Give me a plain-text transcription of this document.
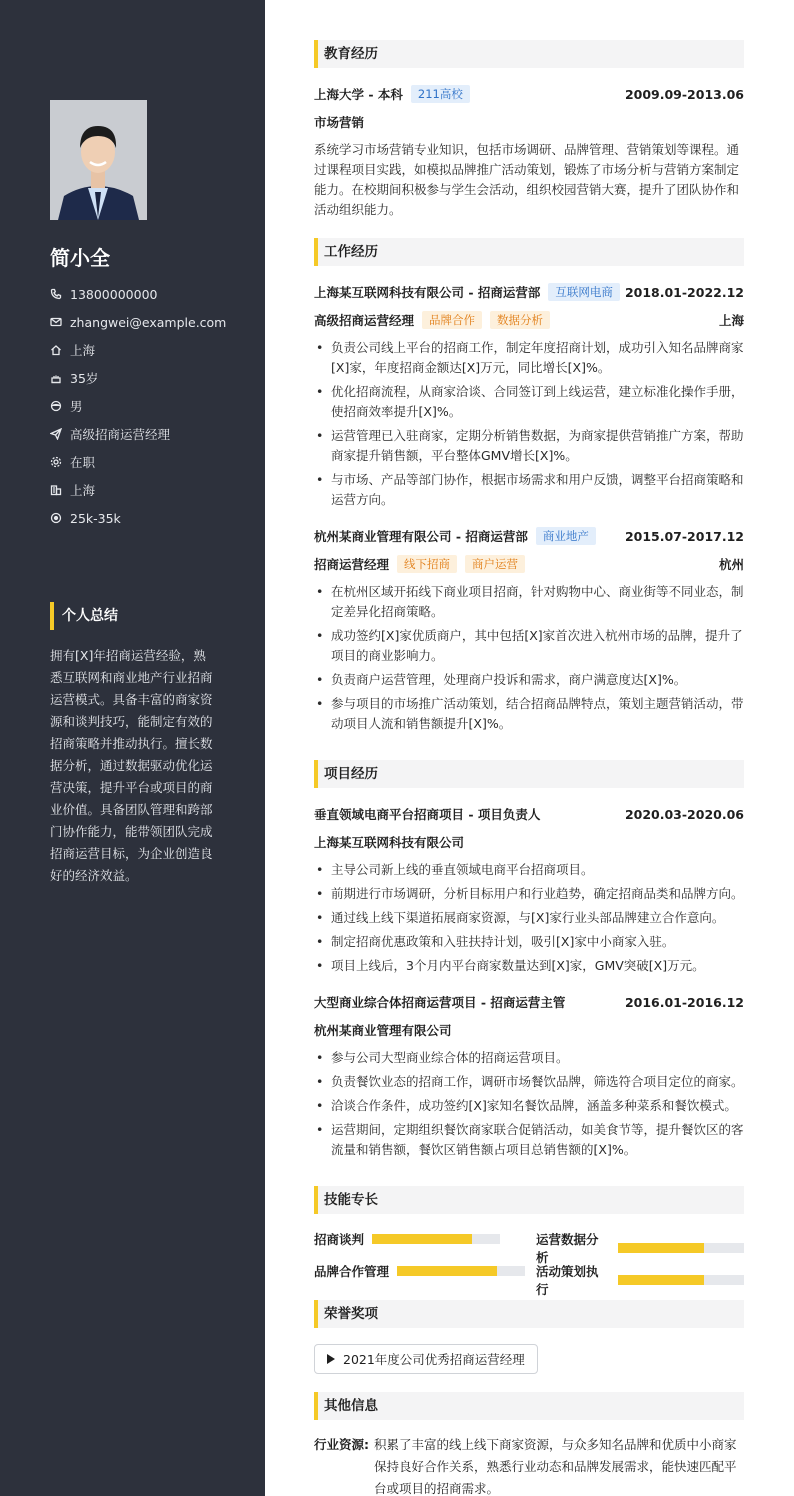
简小全
13800000000
zhangwei@example.com
上海
35岁
男
高级招商运营经理
在职
上海
25k-35k
个人总结
拥有[X]年招商运营经验，熟悉互联网和商业地产行业招商运营模式。具备丰富的商家资源和谈判技巧，能制定有效的招商策略并推动执行。擅长数据分析，通过数据驱动优化运营决策，提升平台或项目的商业价值。具备团队管理和跨部门协作能力，能带领团队完成招商运营目标，为企业创造良好的经济效益。
教育经历
上海大学 - 本科	211高校	2009.09-2013.06
市场营销
系统学习市场营销专业知识，包括市场调研、品牌管理、营销策划等课程。通过课程项目实践，如模拟品牌推广活动策划，锻炼了市场分析与营销方案制定能力。在校期间积极参与学生会活动，组织校园营销大赛，提升了团队协作和活动组织能力。
工作经历
上海某互联网科技有限公司 - 招商运营部	互联网电商 2018.01-2022.12
高级招商运营经理	品牌合作	数据分析	上海
• 负责公司线上平台的招商工作，制定年度招商计划，成功引入知名品牌商家[X]家，年度招商金额达[X]万元，同比增长[X]%。
• 优化招商流程，从商家洽谈、合同签订到上线运营，建立标准化操作手册，使招商效率提升[X]%。
• 运营管理已入驻商家，定期分析销售数据，为商家提供营销推广方案，帮助商家提升销售额，平台整体GMV增长[X]%。
• 与市场、产品等部门协作，根据市场需求和用户反馈，调整平台招商策略和运营方向。
杭州某商业管理有限公司 - 招商运营部	商业地产	2015.07-2017.12
招商运营经理	线下招商	商户运营	杭州
• 在杭州区域开拓线下商业项目招商，针对购物中心、商业街等不同业态，制定差异化招商策略。
• 成功签约[X]家优质商户，其中包括[X]家首次进入杭州市场的品牌，提升了项目的商业影响力。
• 负责商户运营管理，处理商户投诉和需求，商户满意度达[X]%。
• 参与项目的市场推广活动策划，结合招商品牌特点，策划主题营销活动，带动项目人流和销售额提升[X]%。
项目经历
垂直领域电商平台招商项目 - 项目负责人	2020.03-2020.06
上海某互联网科技有限公司
• 主导公司新上线的垂直领域电商平台招商项目。
• 前期进行市场调研，分析目标用户和行业趋势，确定招商品类和品牌方向。
• 通过线上线下渠道拓展商家资源，与[X]家行业头部品牌建立合作意向。
• 制定招商优惠政策和入驻扶持计划，吸引[X]家中小商家入驻。
• 项目上线后，3个月内平台商家数量达到[X]家，GMV突破[X]万元。
大型商业综合体招商运营项目 - 招商运营主管	2016.01-2016.12
杭州某商业管理有限公司
• 参与公司大型商业综合体的招商运营项目。
• 负责餐饮业态的招商工作，调研市场餐饮品牌，筛选符合项目定位的商家。
• 洽谈合作条件，成功签约[X]家知名餐饮品牌，涵盖多种菜系和餐饮模式。
• 运营期间，定期组织餐饮商家联合促销活动，如美食节等，提升餐饮区的客流量和销售额，餐饮区销售额占项目总销售额的[X]%。
技能专长
招商谈判	运营数据分析
品牌合作管理	活动策划执行
荣誉奖项
2021年度公司优秀招商运营经理
其他信息
行业资源: 积累了丰富的线上线下商家资源，与众多知名品牌和优质中小商家保持良好合作关系，熟悉行业动态和品牌发展需求，能快速匹配平台或项目的招商需求。
